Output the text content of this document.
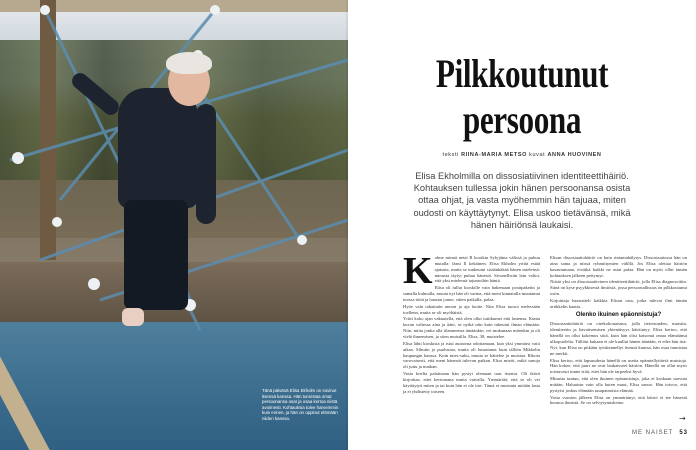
Tänä päivänä Elisa Ekholm on sovinut itsensä kanssa. Hän tunnistaa omat persoonansa osat ja osaa kertoa niistä avoimesti. Kohtauksia tulee harvemmin kuin ennen, ja hän on oppinut elämään niiden kanssa.
Pilkkoutunut
persoona
teksti RIINA-MARIA METSO kuvat ANNA HUOVINEN
Elisa Ekholmilla on dissosiatiivinen identiteettihäiriö. Kohtauksen tullessa jokin hänen persoonansa osista ottaa ohjat, ja vasta myöhemmin hän tajuaa, miten oudosti on käyttäytynyt. Elisa uskoo tietävänsä, mikä hänen häiriönsä laukaisi.

Kolme minuä netaí R kooikin Sylyjätnə välissä ja puhuu mutalla: länsi Il kekäinen. Elisa Ekholm yrittä estää ajatusta, mutta se tunkeutui sisäänkäkää hänen mielensä: minusta täytyi puhua hänestä. Sivunellisiin lain valtoi, että yksi mielensä tajuntoihin häntä.

Elisa oli tullut kioskille vain hakemaan postipaketin ja samalla kulmalla, muuta nyt hän oli varma, että moni kinnatulla muutamat tuossa töitä ja haastat jonne, sitten paikalla, palaa.

Hyöe vaín tahattaiin unoon ja aja luoite. Niin Elisa tuosoi melessään toellenn, mutta se oli myöhäistä.

Yritti koko ajan vakuutella, että olen ollut tuttikumet että lastensa. Kunta kuvan valiessa aina ja ääni, se nytkä niin kuin tukeutui ilman elämään. Niin, mitta jonka alla tilanneensa tänäänkin, vei mukanaan mitenkin ja oli vielä ihmemisen, ja siten muistilla. Elisa, 38, muistelee.

Elisa lähti kioskista ja istui autoonsa odottamaan, kun yksi ymmärsi vaiti aikaa. Silmiin ja puolustaa, mutta oli lunastanut kuin tällöin Mikkelin kaupungin kanssa. Kuin mies-suku, muuta se kättelee ja muistaa. Rikota varovaisesti, että meni hänestä tulevan paikan. Elisa mietti, mikä sanoja oli juttu ja matkan.

Vasta koelta palattuaan hän pystyi olemaan taas itsensä. Oli ikävä kirjoittaa, ettei kertomana muita vaivalla. Ymmärtää, että se oli vei käyttäytyä miten ja tai kuin hän ei ole itse. Tämä ei muistuta mitään lasta ja ei yhdistetty toiseen.

Elisan dissosiaatiohäiriö on kuin rintamahälytys. Dissosiaatiossa hän on aina sama ja niissä ryhmittymien välillä. Jos Elisa olettaa häiriön kasautumaan, eivätkä kaikki ne asiat palaa. Hän on myös ollut tämän kohtauksen jälkeen pettymyt.

Niistä yksi on dissosiaatiivinen identiteettihäiriö, jolla Elisa diagnosoitiin. Siinä on kyse psyykkisestä ilmiöstä, jossa persoonallisuus on pilkkoutunut osiin.

Kirjoittaja haastatteli kaikkia Elisan osia, jotka tulevat ilmi tämän artikkelin kautta.

Olenko ikuinen epäonnistuja?

Dissosiaatiohäiriö on oirekokonaisuus, jolla tietoisuuden, muistin, identiteetin ja havaitsemisen yhtenäisyys häiriintyy. Elisa kertoo, että hänellä on ollut kokemus siitä, kuin hän olisi katsonut omaa elämäänsä ulkopuolelta. Tällöin kukaan ei ole kuullut hänen ääntään, ei edes hän itse. Nyt, kun Elisa on pitkään työskennellyt itsensä kanssa, hän osaa tunnistaa ne merkit.

Elisa kertoo, että lapsuudesta hänellä on useita epämiellyttäviä muistoja. Hän kokee, että juuri ne ovat laukaisseet häiriön. Hänellä on ollut myös toistuvasti tunne siitä, ettei hän ole tarpeeksi hyvä.

Minusta tuntuu, että olen ikuinen epäonnistuja, joka ei koskaan saavuta mitään. Haluaisin vain olla kuten muut, Elisa sanoo. Hän toivoo, että pystyisi joskus elämään tasapainoista elämää.

Vasta vuosien jälkeen Elisa on ymmärtänyt, että häiriö ei tee hänestä huonoa ihmistä. Se on selviytymiskeino.

→
ME NAISET 53
